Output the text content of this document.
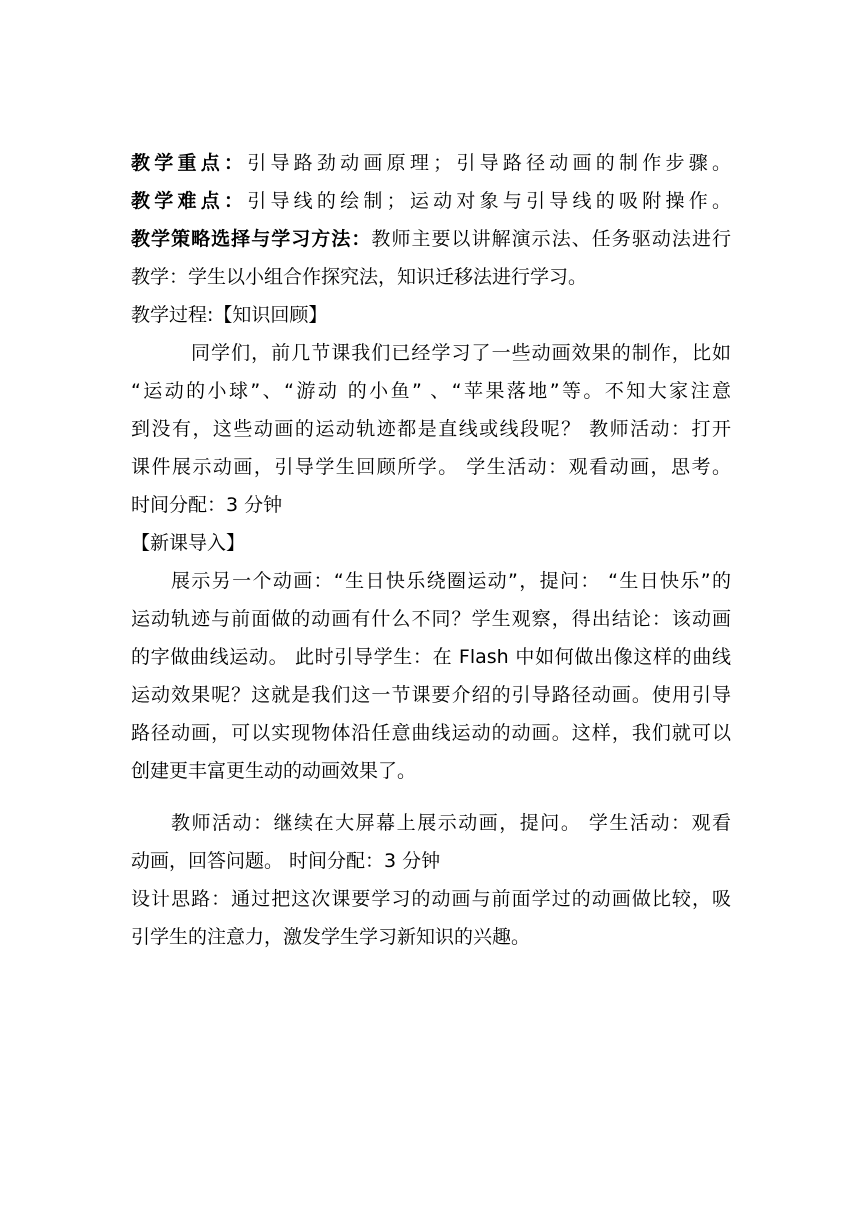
教学重点：引导路劲动画原理；引导路径动画的制作步骤。
教学难点：引导线的绘制；运动对象与引导线的吸附操作。
教学策略选择与学习方法：教师主要以讲解演示法、任务驱动法进行
教学：学生以小组合作探究法，知识迁移法进行学习。
教学过程:【知识回顾】
同学们，前几节课我们已经学习了一些动画效果的制作，比如
“运动的小球”、“游动 的小鱼” 、“苹果落地”等。不知大家注意
到没有，这些动画的运动轨迹都是直线或线段呢？ 教师活动：打开
课件展示动画，引导学生回顾所学。 学生活动：观看动画，思考。
时间分配：3 分钟
【新课导入】
展示另一个动画：“生日快乐绕圈运动”，提问： “生日快乐”的
运动轨迹与前面做的动画有什么不同？学生观察，得出结论：该动画
的字做曲线运动。 此时引导学生：在 Flash 中如何做出像这样的曲线
运动效果呢？这就是我们这一节课要介绍的引导路径动画。使用引导
路径动画，可以实现物体沿任意曲线运动的动画。这样，我们就可以
创建更丰富更生动的动画效果了。
教师活动：继续在大屏幕上展示动画，提问。 学生活动：观看
动画，回答问题。 时间分配：3 分钟
设计思路：通过把这次课要学习的动画与前面学过的动画做比较，吸
引学生的注意力，激发学生学习新知识的兴趣。
